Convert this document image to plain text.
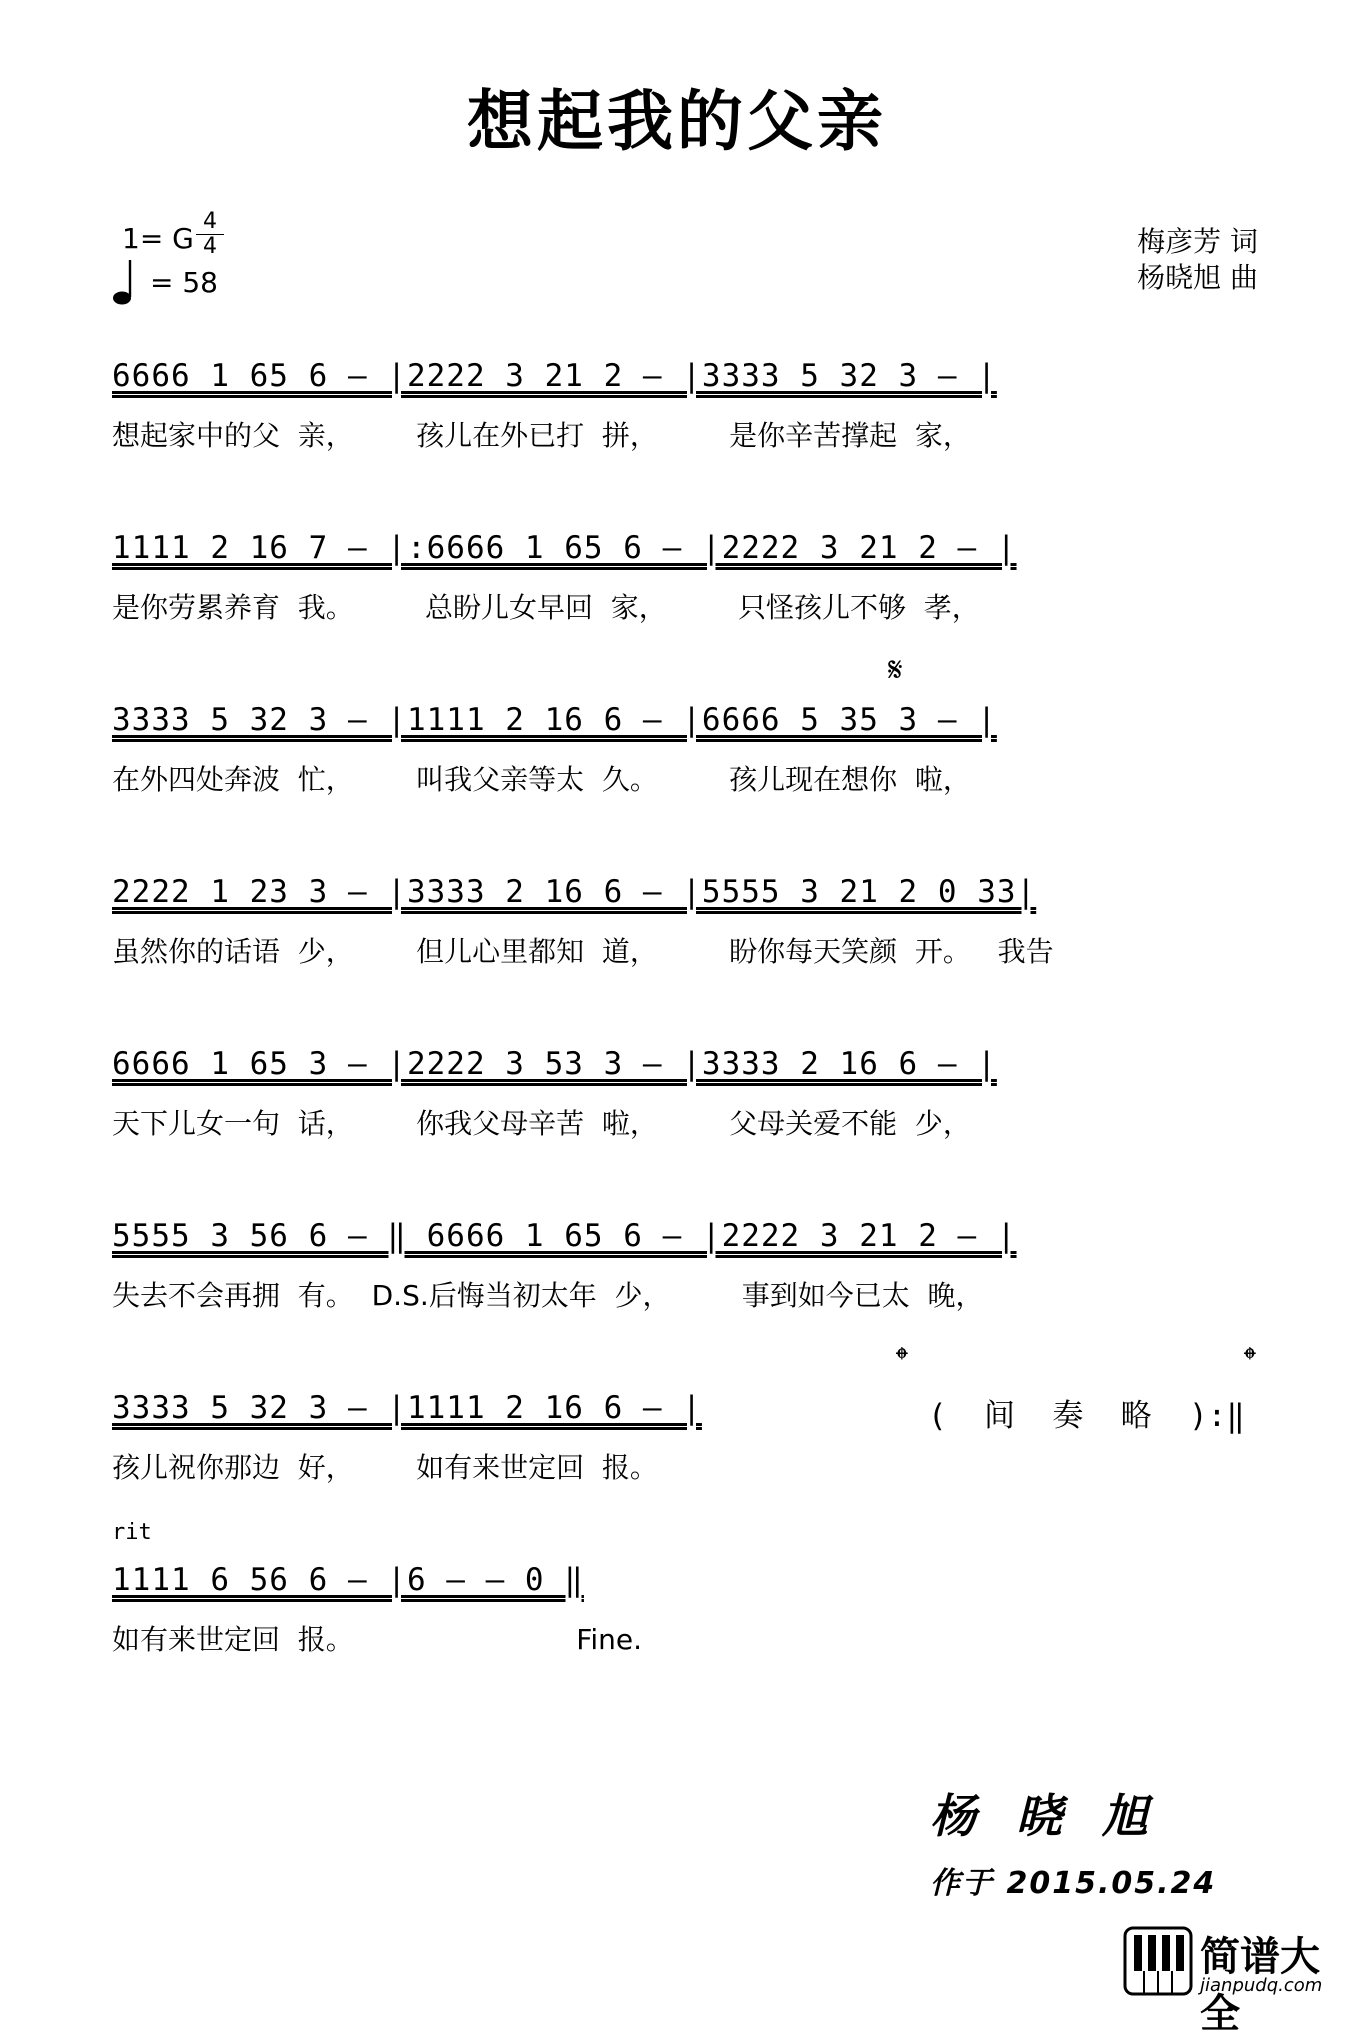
想起我的父亲
1= G
4
4
= 58
梅彦芳 词
杨晓旭 曲
6666 1 65 6 – |2222 3 21 2 – |3333 5 32 3 – |
想起家中的父  亲，       孩儿在外已打  拼，        是你辛苦撑起  家，
1111 2 16 7 – |:6666 1 65 6 – |2222 3 21 2 – |
是你劳累养育  我。        总盼儿女早回  家，        只怪孩儿不够  孝，
𝄋
3333 5 32 3 – |1111 2 16 6 – |6666 5 35 3 – |
在外四处奔波  忙，       叫我父亲等太  久。        孩儿现在想你  啦，
2222 1 23 3 – |3333 2 16 6 – |5555 3 21 2 0 33|
虽然你的话语  少，       但儿心里都知  道，        盼你每天笑颜  开。   我告
6666 1 65 3 – |2222 3 53 3 – |3333 2 16 6 – |
天下儿女一句  话，       你我父母辛苦  啦，        父母关爱不能  少，
5555 3 56 6 – ‖ 6666 1 65 6 – |2222 3 21 2 – |
失去不会再拥  有。  D.S.后悔当初太年  少，        事到如今已太  晚，
𝄌	𝄌
3333 5 32 3 – |1111 2 16 6 – |	(  间  奏  略  ):‖
孩儿祝你那边  好，       如有来世定回  报。
rit
1111 6 56 6 – |6 – – 0 ‖
如有来世定回  报。                         Fine.
杨晓旭
作于 2015.05.24
简谱大全
jianpudq.com
